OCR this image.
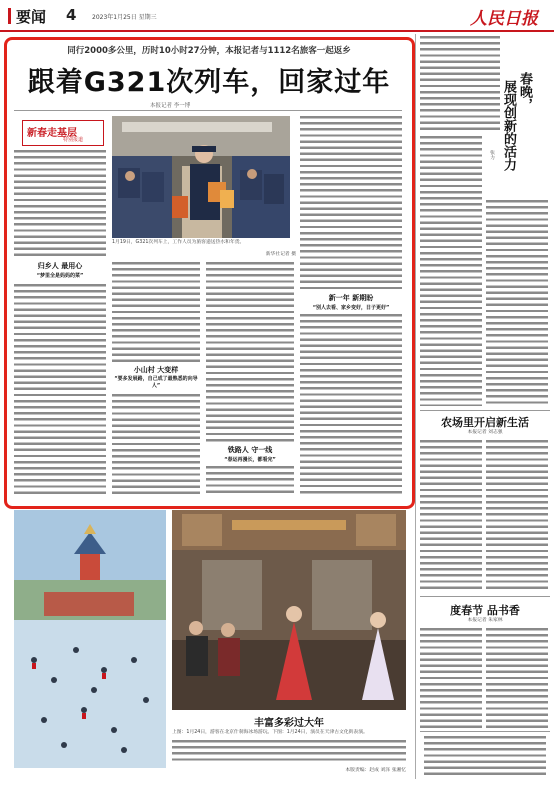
要闻 4	2023年1月25日 星期三	人民日报
同行2000多公里，历时10小时27分钟，本报记者与1112名旅客一起返乡
跟着G321次列车，回家过年
本报记者 李一博
新春走基层
特别报道
1月19日，G321次列车上，工作人员为旅客递送热水和年货。
新华社记者 摄
归乡人 最用心
“梦里全是妈妈的菜”
小山村 大变样
“要多发展路，自己成了最熟悉的向导人”
铁路人 守一线
“春运再漫长，都看完”
新一年 新期盼
“别人去看、家乡变好，日子更好”
春晚，
展现创新的活力
张力
农场里开启新生活
本报记者 刘志强
度春节 品书香
本报记者 朱家林
丰富多彩过大年
上图：1月24日，游客在北京什刹海冰场游玩。下图：1月24日，演员在天津古文化街表演。
本版责编：赵成 刘泽 张湘忆
